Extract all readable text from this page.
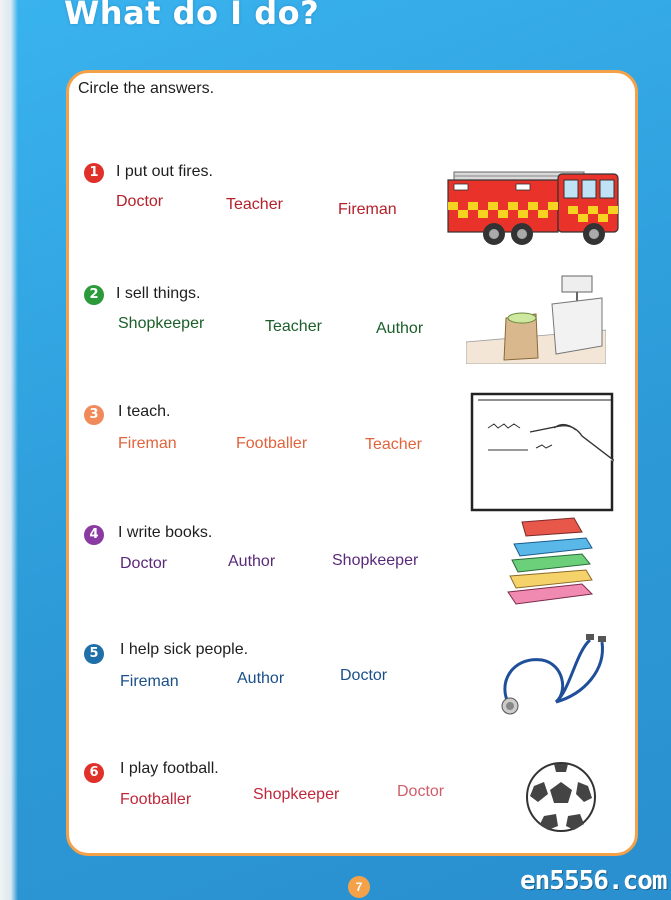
What do I do?
Circle the answers.
1	I put out fires.
Doctor	Teacher	Fireman
2	I sell things.
Shopkeeper	Teacher	Author
3	I teach.
Fireman	Footballer	Teacher
4	I write books.
Doctor	Author	Shopkeeper
5	I help sick people.
Fireman	Author	Doctor
6	I play football.
Footballer	Shopkeeper	Doctor
7	en5556.com
